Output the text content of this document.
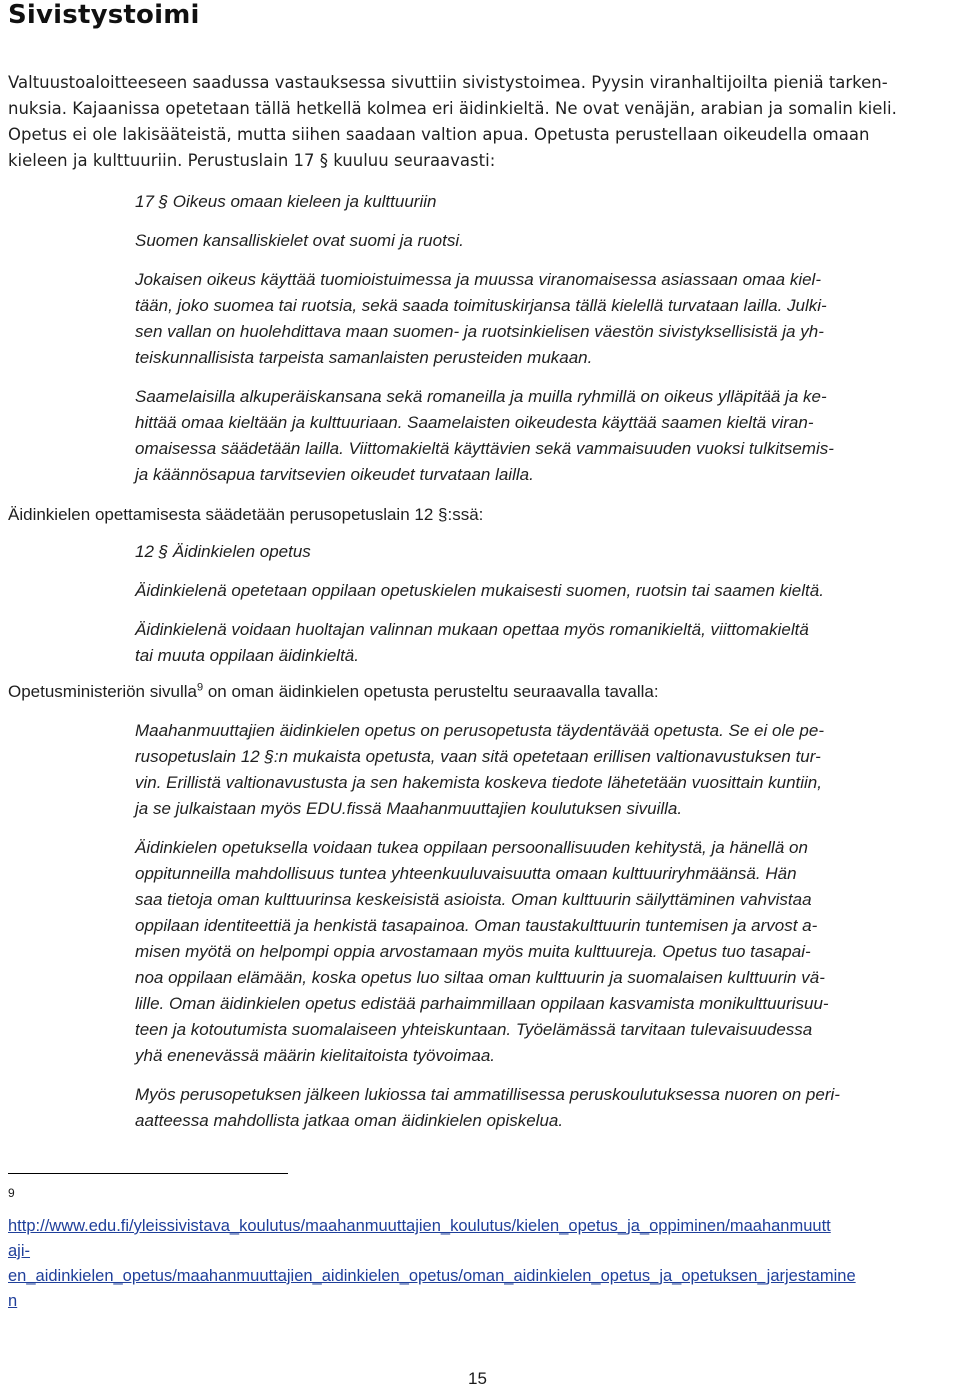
Sivistystoimi

Valtuustoaloitteeseen saadussa vastauksessa sivuttiin sivistystoimea. Pyysin viranhaltijoilta pieniä tarken-

nuksia. Kajaanissa opetetaan tällä hetkellä kolmea eri äidinkieltä. Ne ovat venäjän, arabian ja somalin kieli.

Opetus ei ole lakisääteistä, mutta siihen saadaan valtion apua. Opetusta perustellaan oikeudella omaan

kieleen ja kulttuuriin. Perustuslain 17 § kuuluu seuraavasti:

17 § Oikeus omaan kieleen ja kulttuuriin

Suomen kansalliskielet ovat suomi ja ruotsi.

Jokaisen oikeus käyttää tuomioistuimessa ja muussa viranomaisessa asiassaan omaa kiel-

tään, joko suomea tai ruotsia, sekä saada toimituskirjansa tällä kielellä turvataan lailla. Julki-

sen vallan on huolehdittava maan suomen- ja ruotsinkielisen väestön sivistyksellisistä ja yh-

teiskunnallisista tarpeista samanlaisten perusteiden mukaan.

Saamelaisilla alkuperäiskansana sekä romaneilla ja muilla ryhmillä on oikeus ylläpitää ja ke-

hittää omaa kieltään ja kulttuuriaan. Saamelaisten oikeudesta käyttää saamen kieltä viran-

omaisessa säädetään lailla. Viittomakieltä käyttävien sekä vammaisuuden vuoksi tulkitsemis-

ja käännösapua tarvitsevien oikeudet turvataan lailla.

Äidinkielen opettamisesta säädetään perusopetuslain 12 §:ssä:

12 § Äidinkielen opetus

Äidinkielenä opetetaan oppilaan opetuskielen mukaisesti suomen, ruotsin tai saamen kieltä.

Äidinkielenä voidaan huoltajan valinnan mukaan opettaa myös romanikieltä, viittomakieltä

tai muuta oppilaan äidinkieltä.

Opetusministeriön sivulla$^9$ on oman äidinkielen opetusta perusteltu seuraavalla tavalla:

Maahanmuuttajien äidinkielen opetus on perusopetusta täydentävää opetusta. Se ei ole pe-

rusopetuslain 12 §:n mukaista opetusta, vaan sitä opetetaan erillisen valtionavustuksen tur-

vin. Erillistä valtionavustusta ja sen hakemista koskeva tiedote lähetetään vuosittain kuntiin,

ja se julkaistaan myös EDU.fissä Maahanmuuttajien koulutuksen sivuilla.

Äidinkielen opetuksella voidaan tukea oppilaan persoonallisuuden kehitystä, ja hänellä on

oppitunneilla mahdollisuus tuntea yhteenkuuluvaisuutta omaan kulttuuriryhmäänsä. Hän

saa tietoja oman kulttuurinsa keskeisistä asioista. Oman kulttuurin säilyttäminen vahvistaa

oppilaan identiteettiä ja henkistä tasapainoa. Oman taustakulttuurin tuntemisen ja arvost a-

misen myötä on helpompi oppia arvostamaan myös muita kulttuureja. Opetus tuo tasapai-

noa oppilaan elämään, koska opetus luo siltaa oman kulttuurin ja suomalaisen kulttuurin vä-

lille. Oman äidinkielen opetus edistää parhaimmillaan oppilaan kasvamista monikulttuurisuu-

teen ja kotoutumista suomalaiseen yhteiskuntaan. Työelämässä tarvitaan tulevaisuudessa

yhä enenevässä määrin kielitaitoista työvoimaa.

Myös perusopetuksen jälkeen lukiossa tai ammatillisessa peruskoulutuksessa nuoren on peri-

aatteessa mahdollista jatkaa oman äidinkielen opiskelua.

9
http://www.edu.fi/yleissivistava_koulutus/maahanmuuttajien_koulutus/kielen_opetus_ja_oppiminen/maahanmuutt
aji-
en_aidinkielen_opetus/maahanmuuttajien_aidinkielen_opetus/oman_aidinkielen_opetus_ja_opetuksen_jarjestamine
n
15
